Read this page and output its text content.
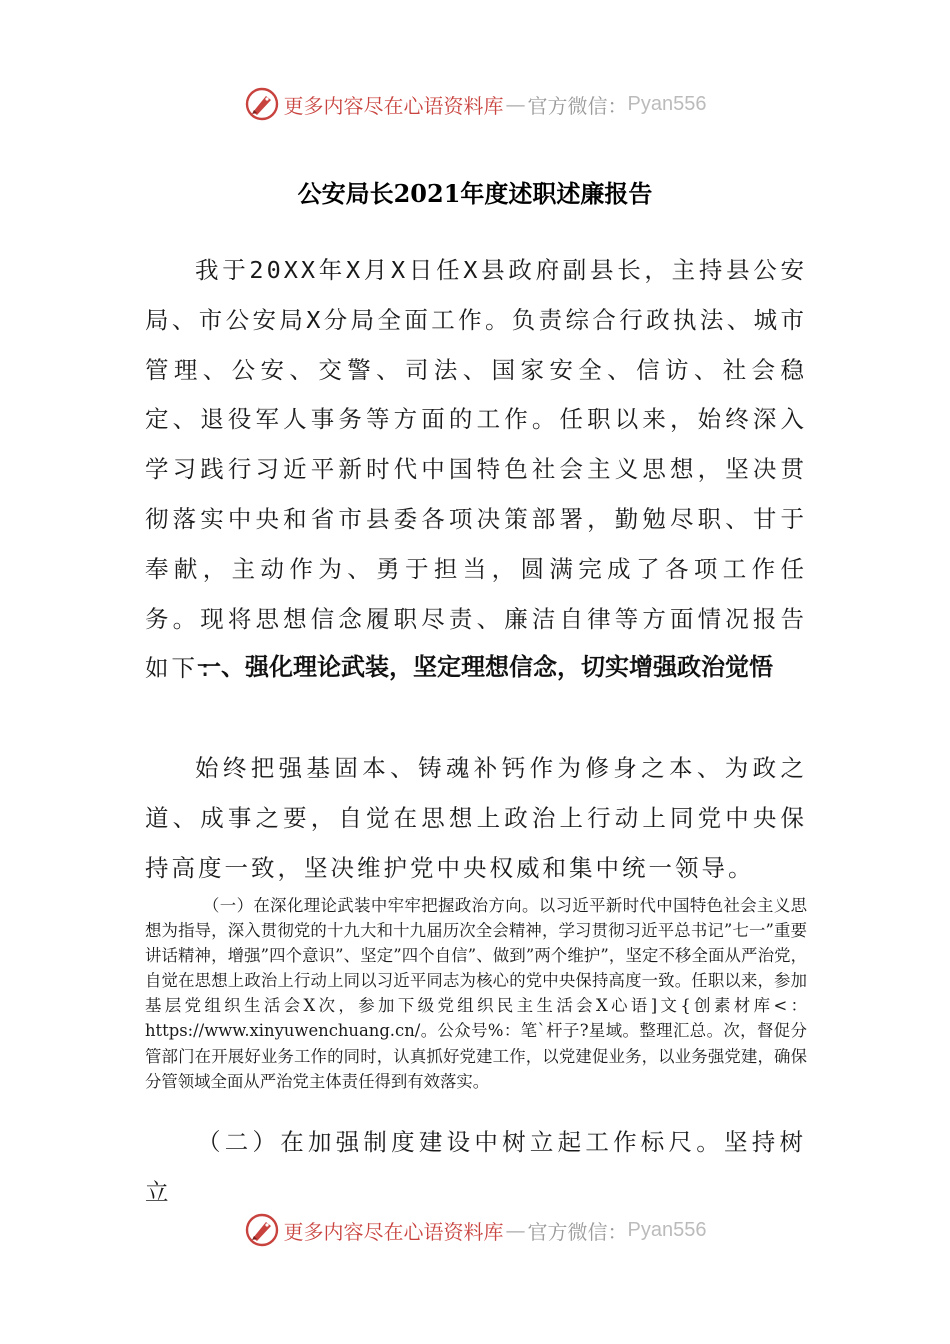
更多内容尽在心语资料库 — 官方微信： Pyan556
公安局长2021年度述职述廉报告

我于20XX年X月X日任X县政府副县长，主持县公安局、市公安局X分局全面工作。负责综合行政执法、城市管理、公安、交警、司法、国家安全、信访、社会稳定、退役军人事务等方面的工作。任职以来，始终深入学习践行习近平新时代中国特色社会主义思想，坚决贯彻落实中央和省市县委各项决策部署，勤勉尽职、甘于奉献，主动作为、勇于担当，圆满完成了各项工作任务。现将思想信念履职尽责、廉洁自律等方面情况报告如下:

一、强化理论武装，坚定理想信念，切实增强政治觉悟

始终把强基固本、铸魂补钙作为修身之本、为政之道、成事之要，自觉在思想上政治上行动上同党中央保持高度一致，坚决维护党中央权威和集中统一领导。

（一）在深化理论武装中牢牢把握政治方向。以习近平新时代中国特色社会主义思想为指导，深入贯彻党的十九大和十九届历次全会精神，学习贯彻习近平总书记”七一”重要讲话精神，增强”四个意识”、坚定”四个自信”、做到”两个维护”，坚定不移全面从严治党，自觉在思想上政治上行动上同以习近平同志为核心的党中央保持高度一致。任职以来，参加基层党组织生活会X次，参加下级党组织民主生活会X心语]文{创素材库<：https://www.xinyuwenchuang.cn/。公众号%：笔`杆子?星域。整理汇总。次，督促分管部门在开展好业务工作的同时，认真抓好党建工作，以党建促业务，以业务强党建，确保分管领域全面从严治党主体责任得到有效落实。

（二）在加强制度建设中树立起工作标尺。坚持树立

更多内容尽在心语资料库 — 官方微信： Pyan556
